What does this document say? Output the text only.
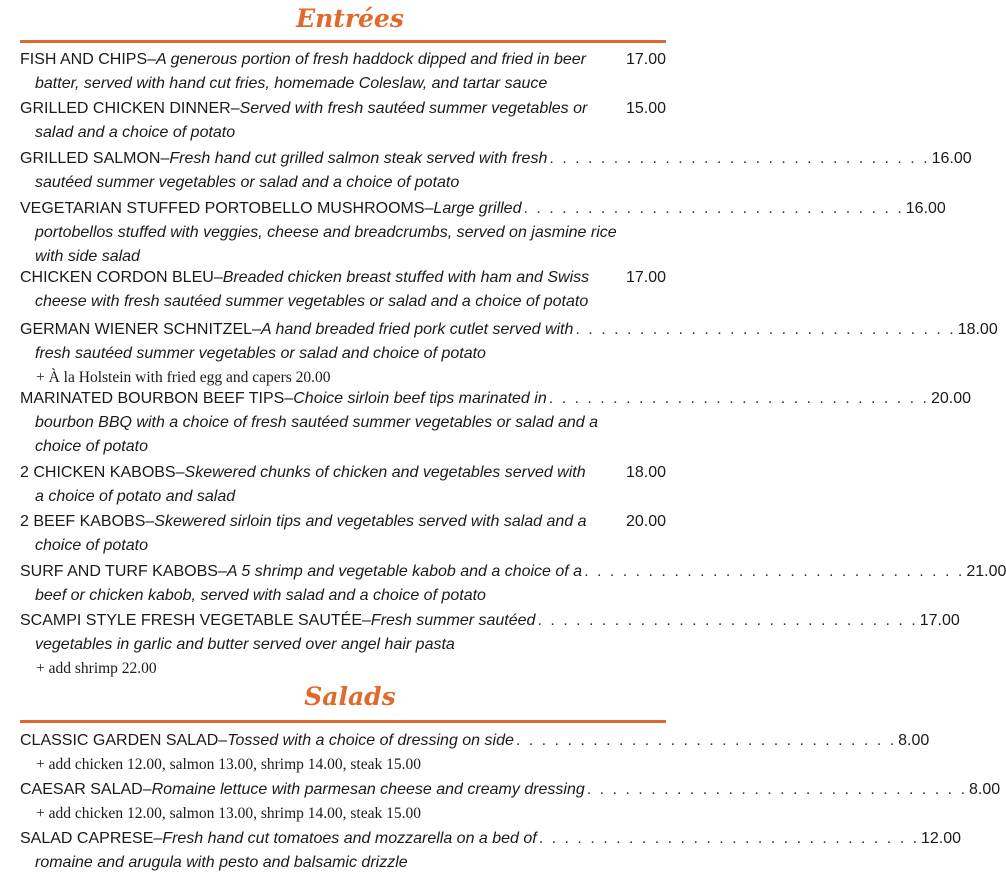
Entrées
FISH AND CHIPS – A generous portion of fresh haddock dipped and fried in beer 17.00
batter, served with hand cut fries, homemade Coleslaw, and tartar sauce
GRILLED CHICKEN DINNER – Served with fresh sautéed summer vegetables or 15.00
salad and a choice of potato
GRILLED SALMON – Fresh hand cut grilled salmon steak served with fresh . . . . . . . . . . . . . . . . . . . . . . . . . . . . . . 16.00
sautéed summer vegetables or salad and a choice of potato
VEGETARIAN STUFFED PORTOBELLO MUSHROOMS – Large grilled . . . . . . . . . . . . . . . . . . . . . . . . . . . . . . 16.00
portobellos stuffed with veggies, cheese and breadcrumbs, served on jasmine rice
with side salad
CHICKEN CORDON BLEU – Breaded chicken breast stuffed with ham and Swiss 17.00
cheese with fresh sautéed summer vegetables or salad and a choice of potato
GERMAN WIENER SCHNITZEL – A hand breaded fried pork cutlet served with . . . . . . . . . . . . . . . . . . . . . . . . . . . . . . 18.00
fresh sautéed summer vegetables or salad and choice of potato
+ À la Holstein with fried egg and capers 20.00
MARINATED BOURBON BEEF TIPS – Choice sirloin beef tips marinated in . . . . . . . . . . . . . . . . . . . . . . . . . . . . . . 20.00
bourbon BBQ with a choice of fresh sautéed summer vegetables or salad and a
choice of potato
2 CHICKEN KABOBS – Skewered chunks of chicken and vegetables served with	18.00
a choice of potato and salad
2 BEEF KABOBS – Skewered sirloin tips and vegetables served with salad and a 20.00
choice of potato
SURF AND TURF KABOBS – A 5 shrimp and vegetable kabob and a choice of a . . . . . . . . . . . . . . . . . . . . . . . . . . . . . . 21.00
beef or chicken kabob, served with salad and a choice of potato
SCAMPI STYLE FRESH VEGETABLE SAUTÉE – Fresh summer sautéed . . . . . . . . . . . . . . . . . . . . . . . . . . . . . . 17.00
vegetables in garlic and butter served over angel hair pasta
+ add shrimp 22.00
Salads
CLASSIC GARDEN SALAD – Tossed with a choice of dressing on side . . . . . . . . . . . . . . . . . . . . . . . . . . . . . . 8.00
+ add chicken 12.00, salmon 13.00, shrimp 14.00, steak 15.00
CAESAR SALAD – Romaine lettuce with parmesan cheese and creamy dressing . . . . . . . . . . . . . . . . . . . . . . . . . . . . . . 8.00
+ add chicken 12.00, salmon 13.00, shrimp 14.00, steak 15.00
SALAD CAPRESE – Fresh hand cut tomatoes and mozzarella on a bed of . . . . . . . . . . . . . . . . . . . . . . . . . . . . . . 12.00
romaine and arugula with pesto and balsamic drizzle
